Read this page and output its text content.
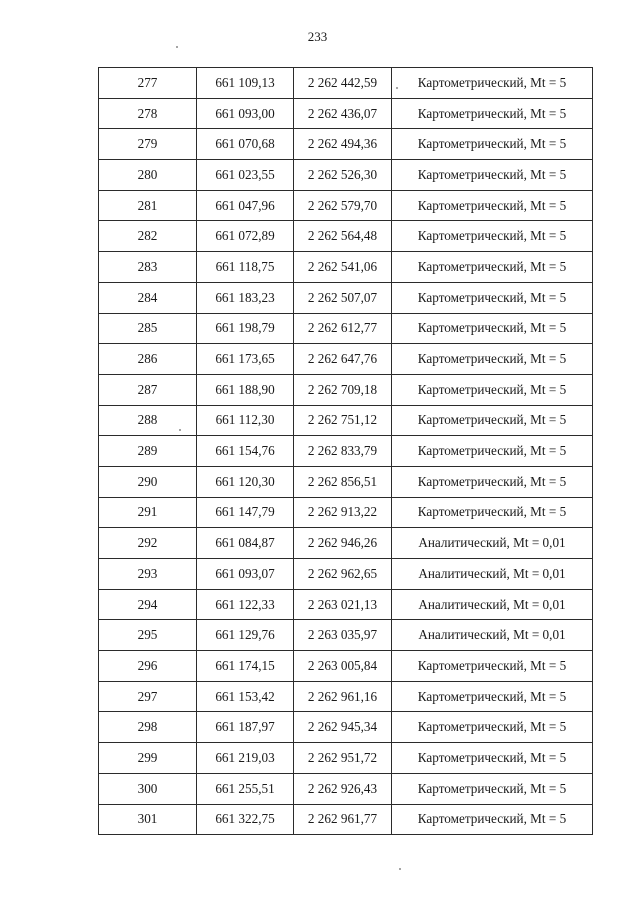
233
277	661 109,13	2 262 442,59	Картометрический, Mt = 5
278	661 093,00	2 262 436,07	Картометрический, Mt = 5
279	661 070,68	2 262 494,36	Картометрический, Mt = 5
280	661 023,55	2 262 526,30	Картометрический, Mt = 5
281	661 047,96	2 262 579,70	Картометрический, Mt = 5
282	661 072,89	2 262 564,48	Картометрический, Mt = 5
283	661 118,75	2 262 541,06	Картометрический, Mt = 5
284	661 183,23	2 262 507,07	Картометрический, Mt = 5
285	661 198,79	2 262 612,77	Картометрический, Mt = 5
286	661 173,65	2 262 647,76	Картометрический, Mt = 5
287	661 188,90	2 262 709,18	Картометрический, Mt = 5
288	661 112,30	2 262 751,12	Картометрический, Mt = 5
289	661 154,76	2 262 833,79	Картометрический, Mt = 5
290	661 120,30	2 262 856,51	Картометрический, Mt = 5
291	661 147,79	2 262 913,22	Картометрический, Mt = 5
292	661 084,87	2 262 946,26	Аналитический, Mt = 0,01
293	661 093,07	2 262 962,65	Аналитический, Mt = 0,01
294	661 122,33	2 263 021,13	Аналитический, Mt = 0,01
295	661 129,76	2 263 035,97	Аналитический, Mt = 0,01
296	661 174,15	2 263 005,84	Картометрический, Mt = 5
297	661 153,42	2 262 961,16	Картометрический, Mt = 5
298	661 187,97	2 262 945,34	Картометрический, Mt = 5
299	661 219,03	2 262 951,72	Картометрический, Mt = 5
300	661 255,51	2 262 926,43	Картометрический, Mt = 5
301	661 322,75	2 262 961,77	Картометрический, Mt = 5
